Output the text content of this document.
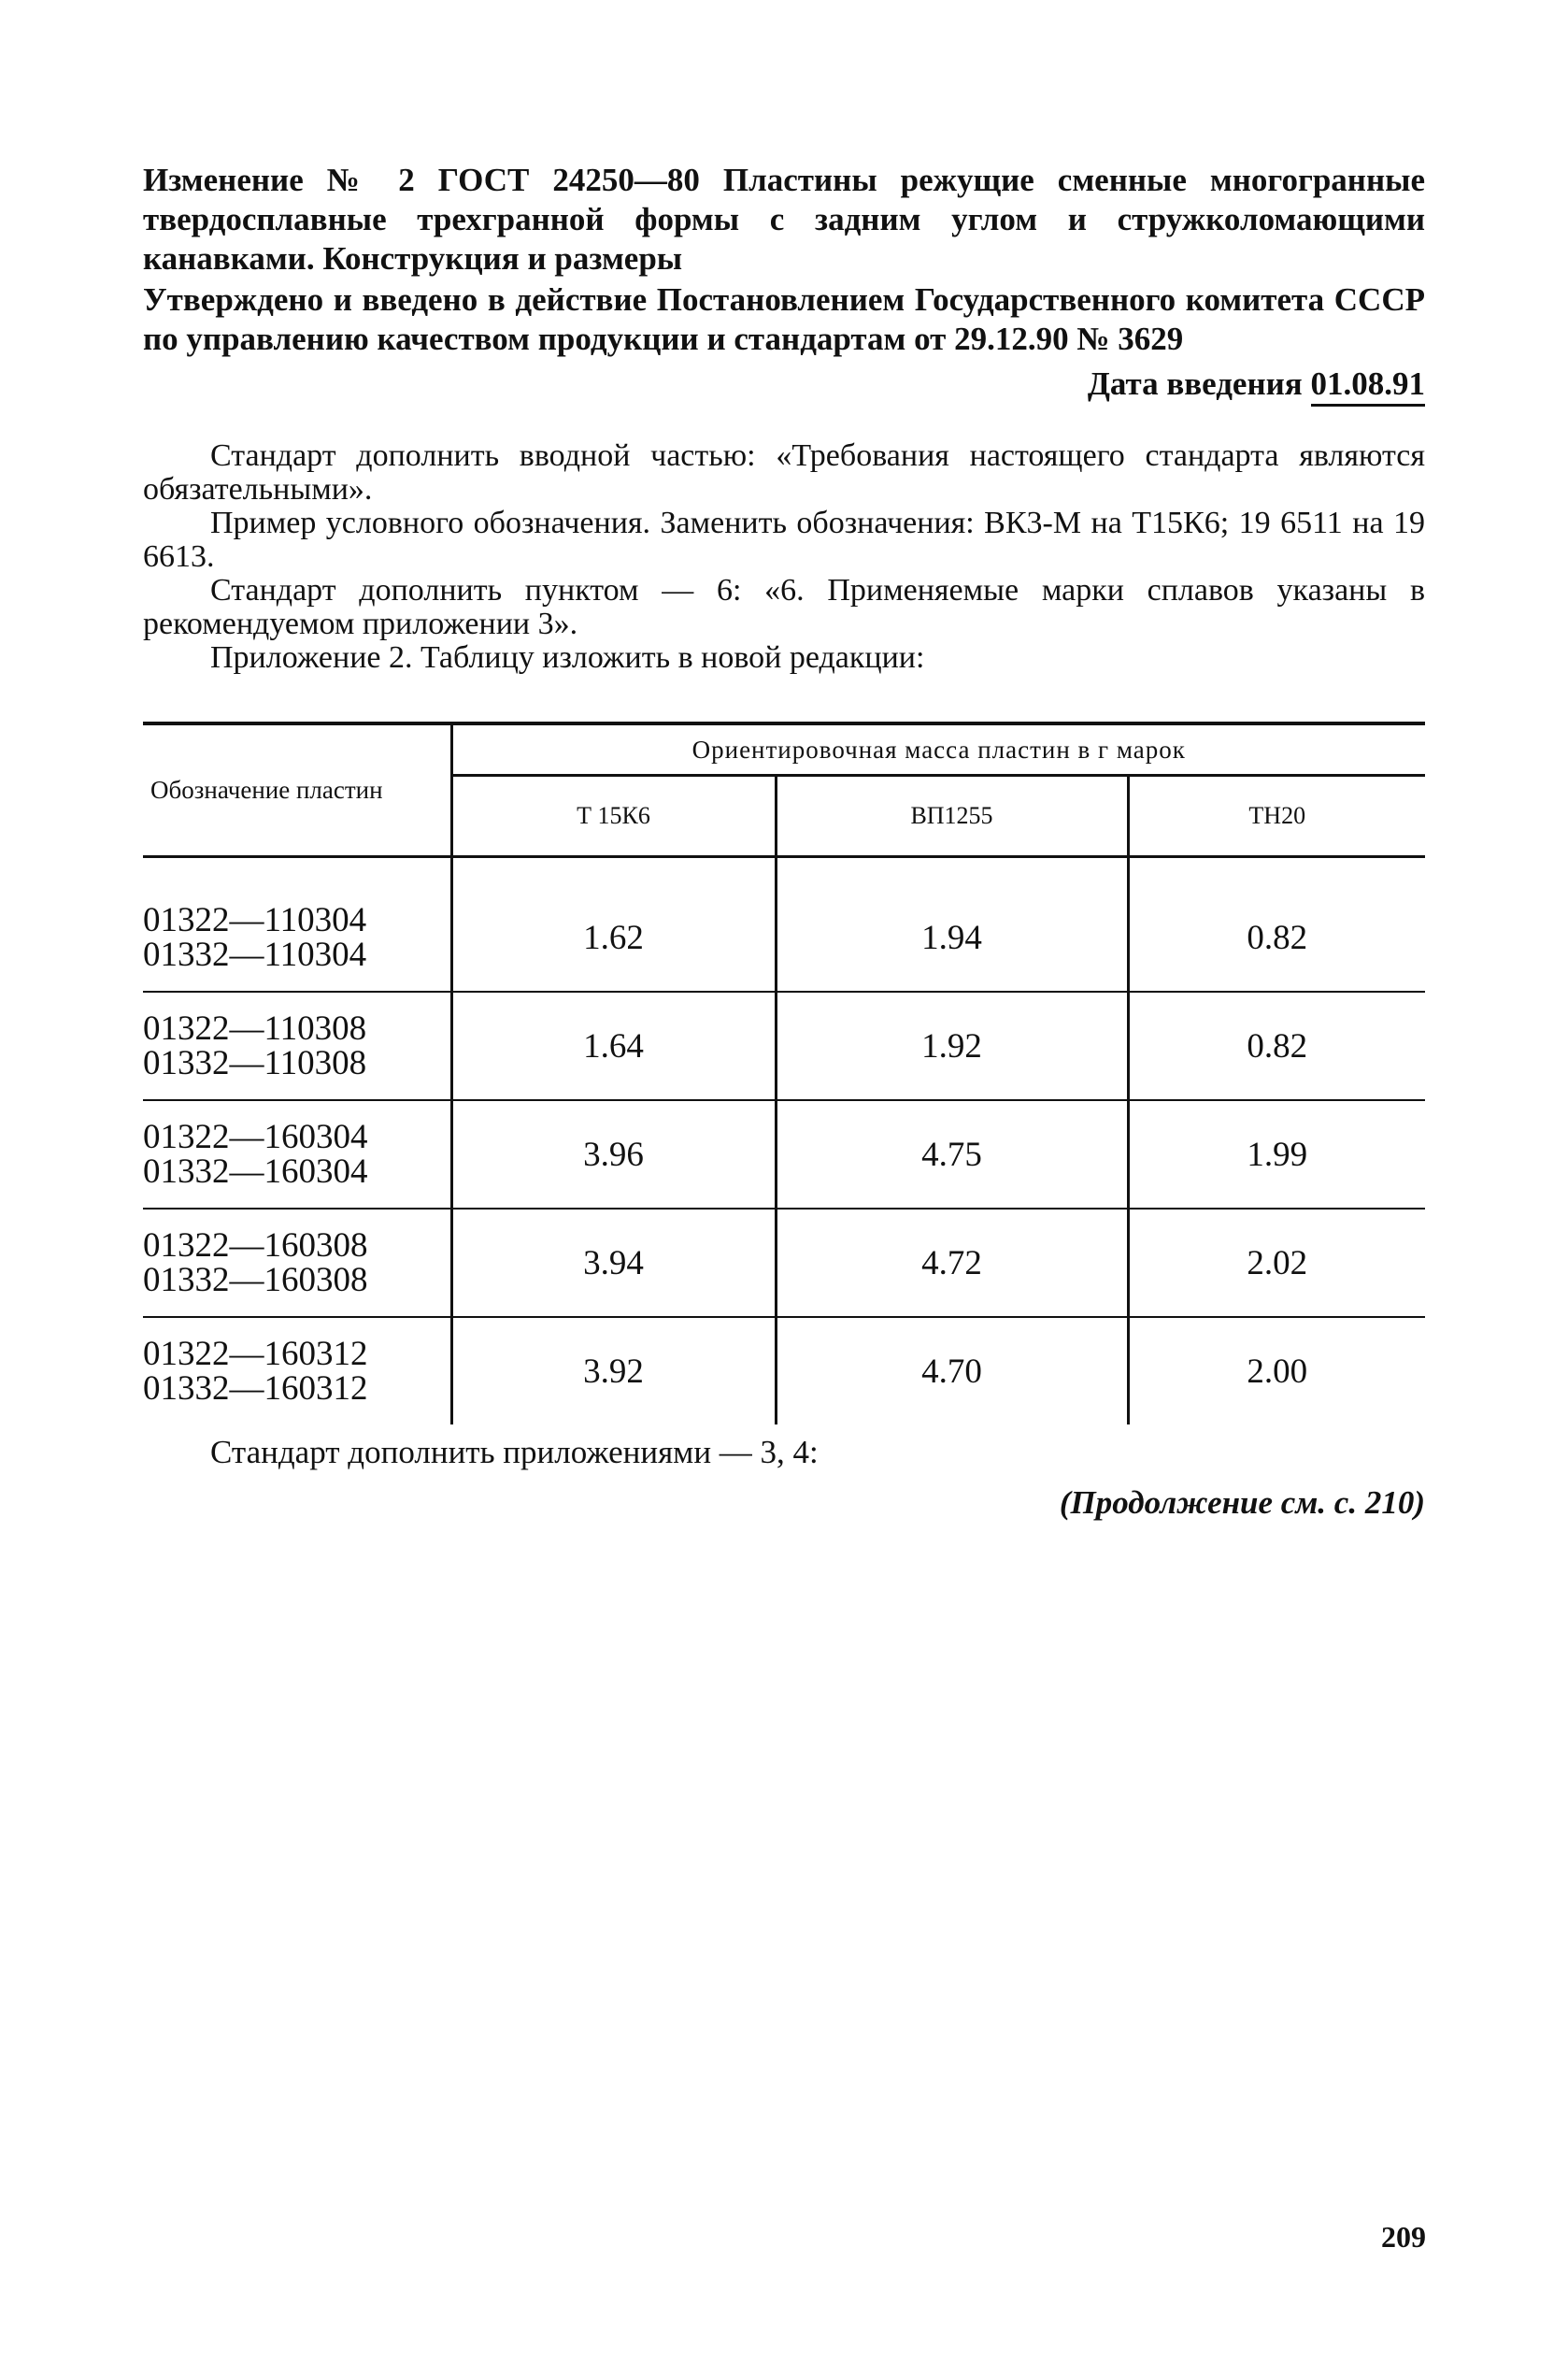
Изменение № 2 ГОСТ 24250—80 Пластины режущие сменные многогранные твердосплавные трехгранной формы с задним углом и стружколомающими канавками. Конструкция и размеры
Утверждено и введено в действие Постановлением Государственного комитета СССР по управлению качеством продукции и стандартам от 29.12.90 № 3629
Дата введения 01.08.91

Стандарт дополнить вводной частью: «Требования настоящего стандарта являются обязательными».

Пример условного обозначения. Заменить обозначения: ВК3-М на Т15К6; 19 6511 на 19 6613.

Стандарт дополнить пунктом — 6: «6. Применяемые марки сплавов указаны в рекомендуемом приложении 3».

Приложение 2. Таблицу изложить в новой редакции:

Обозначение пластин	Ориентировочная масса пластин в г марок		
	Т 15К6	ВП1255	ТН20

01322—110304
01332—110304	1.62	1.94	0.82

01322—110308
01332—110308	1.64	1.92	0.82

01322—160304
01332—160304	3.96	4.75	1.99

01322—160308
01332—160308	3.94	4.72	2.02

01322—160312
01332—160312	3.92	4.70	2.00
Стандарт дополнить приложениями — 3, 4:
(Продолжение см. с. 210)
209
